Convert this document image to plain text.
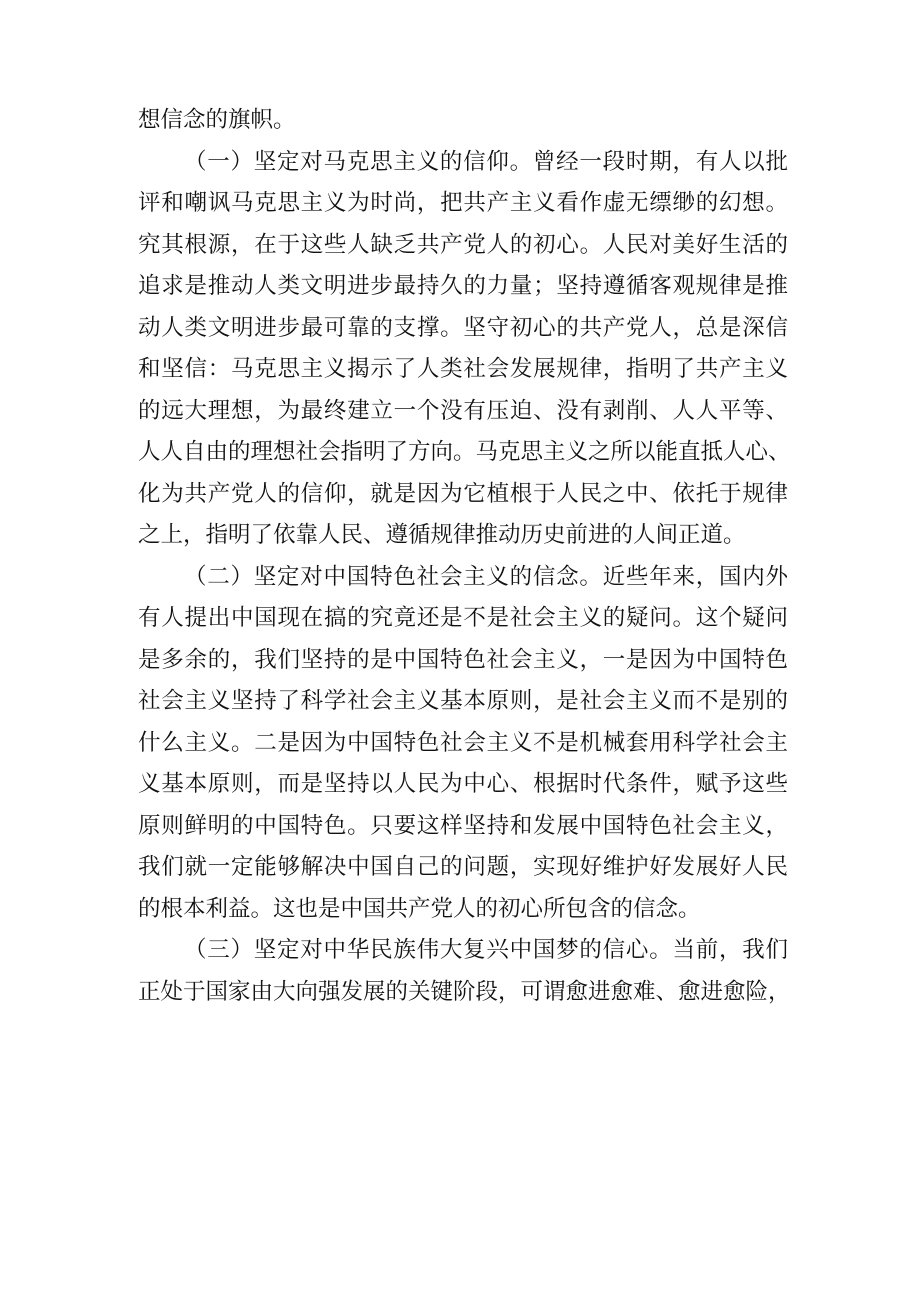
想信念的旗帜。
（一）坚定对马克思主义的信仰。曾经一段时期，有人以批
评和嘲讽马克思主义为时尚，把共产主义看作虚无缥缈的幻想。
究其根源，在于这些人缺乏共产党人的初心。人民对美好生活的
追求是推动人类文明进步最持久的力量；坚持遵循客观规律是推
动人类文明进步最可靠的支撑。坚守初心的共产党人，总是深信
和坚信：马克思主义揭示了人类社会发展规律，指明了共产主义
的远大理想，为最终建立一个没有压迫、没有剥削、人人平等、
人人自由的理想社会指明了方向。马克思主义之所以能直抵人心、
化为共产党人的信仰，就是因为它植根于人民之中、依托于规律
之上，指明了依靠人民、遵循规律推动历史前进的人间正道。
（二）坚定对中国特色社会主义的信念。近些年来，国内外
有人提出中国现在搞的究竟还是不是社会主义的疑问。这个疑问
是多余的，我们坚持的是中国特色社会主义，一是因为中国特色
社会主义坚持了科学社会主义基本原则，是社会主义而不是别的
什么主义。二是因为中国特色社会主义不是机械套用科学社会主
义基本原则，而是坚持以人民为中心、根据时代条件，赋予这些
原则鲜明的中国特色。只要这样坚持和发展中国特色社会主义，
我们就一定能够解决中国自己的问题，实现好维护好发展好人民
的根本利益。这也是中国共产党人的初心所包含的信念。
（三）坚定对中华民族伟大复兴中国梦的信心。当前，我们
正处于国家由大向强发展的关键阶段，可谓愈进愈难、愈进愈险，
